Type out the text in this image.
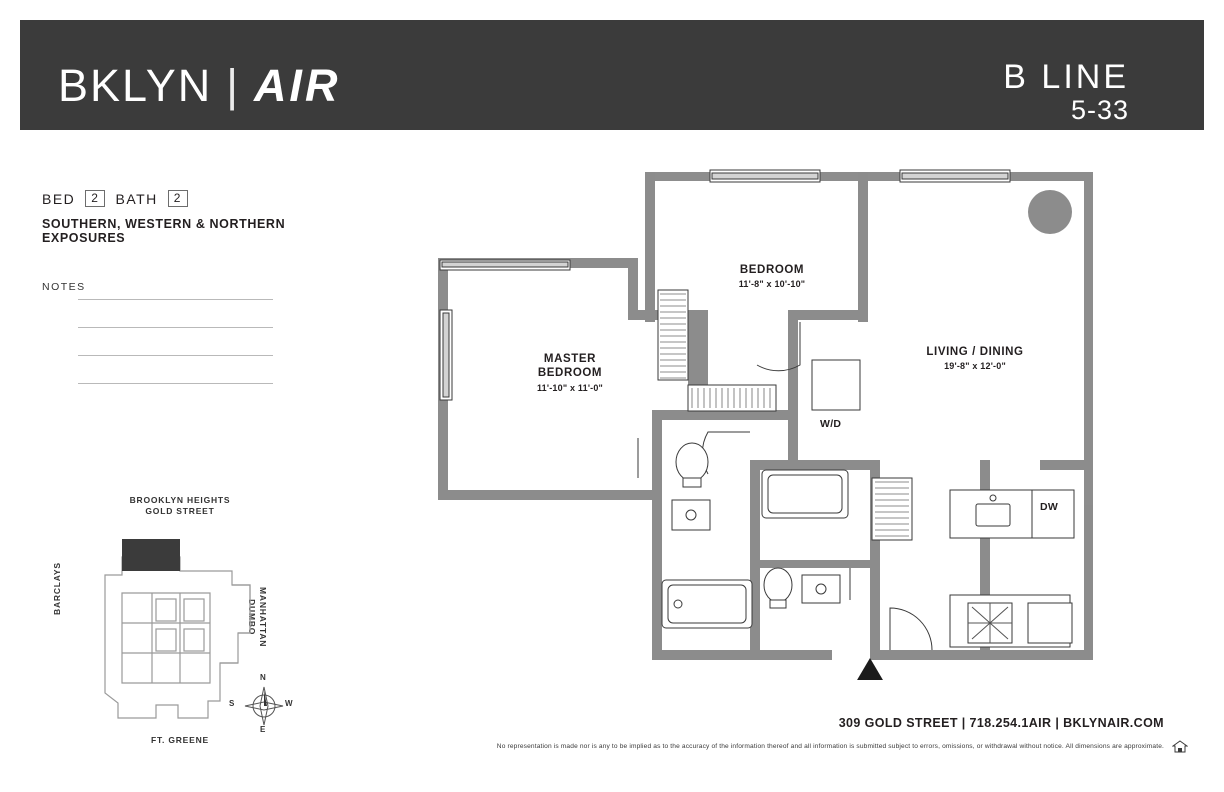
BKLYN | AIR	B LINE
5-33
BED	2	BATH	2
SOUTHERN, WESTERN & NORTHERN EXPOSURES
NOTES
BROOKLYN HEIGHTS
GOLD STREET
BARCLAYS	MANHATTAN
DUMBO
FT. GREENE
N
E
S	W
BEDROOM
11'-8" x 10'-10"
LIVING / DINING
19'-8" x 12'-0"
MASTER
BEDROOM
11'-10" x 11'-0"
W/D
DW
309 GOLD STREET | 718.254.1AIR | BKLYNAIR.COM
No representation is made nor is any to be implied as to the accuracy of the information thereof and all information is submitted subject to errors, omissions, or withdrawal without notice. All dimensions are approximate.
